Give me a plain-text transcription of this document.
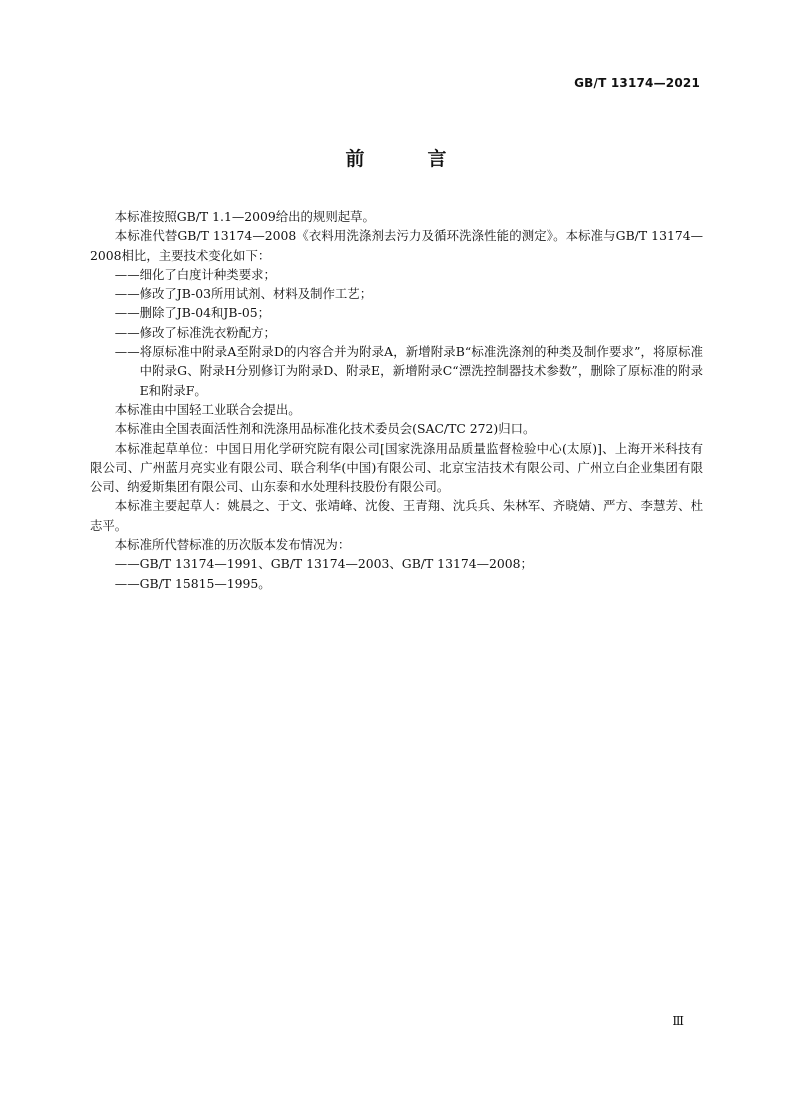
GB/T 13174—2021
前　言

本标准按照GB/T 1.1—2009给出的规则起草。

本标准代替GB/T 13174—2008《衣料用洗涤剂去污力及循环洗涤性能的测定》。本标准与GB/T 13174—2008相比，主要技术变化如下：

——细化了白度计种类要求；

——修改了JB-03所用试剂、材料及制作工艺；

——删除了JB-04和JB-05；

——修改了标准洗衣粉配方；

——将原标准中附录A至附录D的内容合并为附录A，新增附录B“标准洗涤剂的种类及制作要求”，将原标准中附录G、附录H分别修订为附录D、附录E，新增附录C“漂洗控制器技术参数”，删除了原标准的附录E和附录F。

本标准由中国轻工业联合会提出。

本标准由全国表面活性剂和洗涤用品标准化技术委员会(SAC/TC 272)归口。

本标准起草单位：中国日用化学研究院有限公司[国家洗涤用品质量监督检验中心(太原)]、上海开米科技有限公司、广州蓝月亮实业有限公司、联合利华(中国)有限公司、北京宝洁技术有限公司、广州立白企业集团有限公司、纳爱斯集团有限公司、山东泰和水处理科技股份有限公司。

本标准主要起草人：姚晨之、于文、张靖峰、沈俊、王青翔、沈兵兵、朱林军、齐晓婧、严方、李慧芳、杜志平。

本标准所代替标准的历次版本发布情况为：

——GB/T 13174—1991、GB/T 13174—2003、GB/T 13174—2008；

——GB/T 15815—1995。

Ⅲ
